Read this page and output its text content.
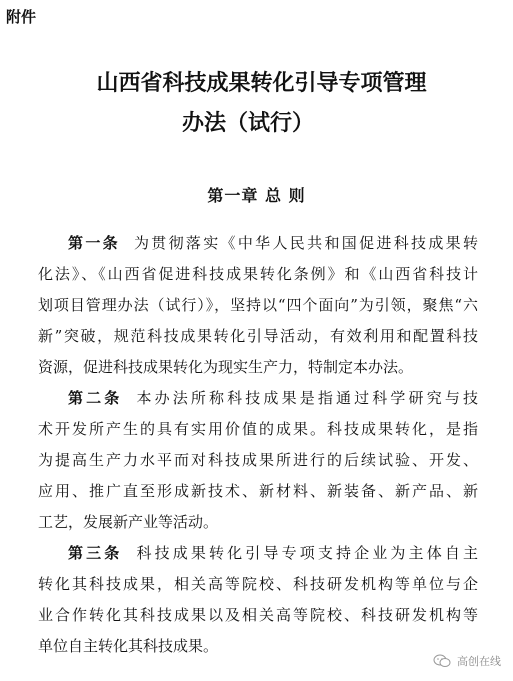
附件
山西省科技成果转化引导专项管理
办法（试行）
第一章 总 则
第一条 为贯彻落实《中华人民共和国促进科技成果转
化法》、《山西省促进科技成果转化条例》和《山西省科技计
划项目管理办法（试行）》，坚持以“四个面向”为引领，聚焦“六
新”突破，规范科技成果转化引导活动，有效利用和配置科技
资源，促进科技成果转化为现实生产力，特制定本办法。
第二条 本办法所称科技成果是指通过科学研究与技
术开发所产生的具有实用价值的成果。科技成果转化，是指
为提高生产力水平而对科技成果所进行的后续试验、开发、
应用、推广直至形成新技术、新材料、新装备、新产品、新
工艺，发展新产业等活动。
第三条 科技成果转化引导专项支持企业为主体自主
转化其科技成果，相关高等院校、科技研发机构等单位与企
业合作转化其科技成果以及相关高等院校、科技研发机构等
单位自主转化其科技成果。
高创在线
